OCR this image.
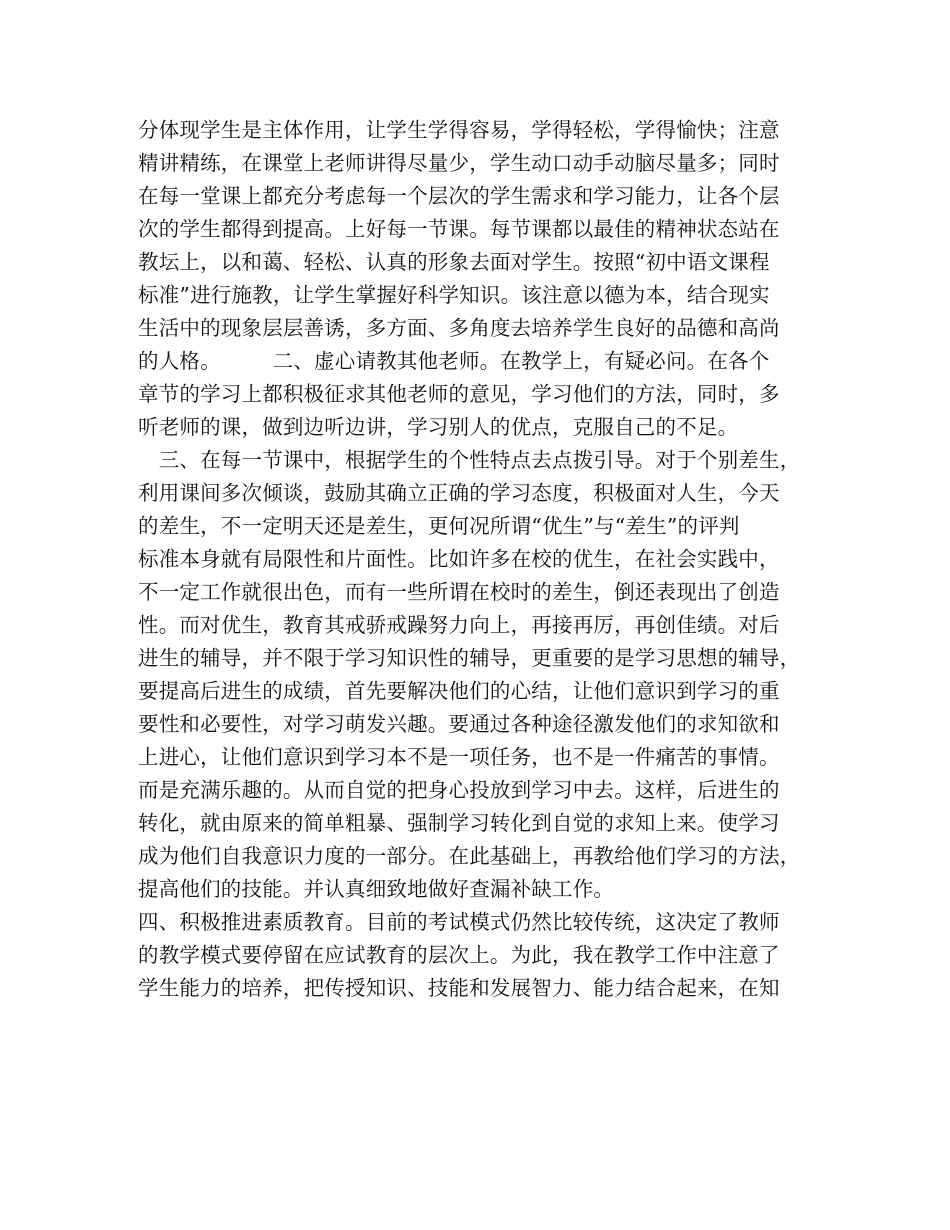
分体现学生是主体作用，让学生学得容易，学得轻松，学得愉快；注意
精讲精练，在课堂上老师讲得尽量少，学生动口动手动脑尽量多；同时
在每一堂课上都充分考虑每一个层次的学生需求和学习能力，让各个层
次的学生都得到提高。上好每一节课。每节课都以最佳的精神状态站在
教坛上，以和蔼、轻松、认真的形象去面对学生。按照“初中语文课程
标准”进行施教，让学生掌握好科学知识。该注意以德为本，结合现实
生活中的现象层层善诱，多方面、多角度去培养学生良好的品德和高尚
的人格。　　　二、虚心请教其他老师。在教学上，有疑必问。在各个
章节的学习上都积极征求其他老师的意见，学习他们的方法，同时，多
听老师的课，做到边听边讲，学习别人的优点，克服自己的不足。
　三、在每一节课中，根据学生的个性特点去点拨引导。对于个别差生，
利用课间多次倾谈，鼓励其确立正确的学习态度，积极面对人生，今天
的差生，不一定明天还是差生，更何况所谓“优生”与“差生”的评判
标准本身就有局限性和片面性。比如许多在校的优生，在社会实践中，
不一定工作就很出色，而有一些所谓在校时的差生，倒还表现出了创造
性。而对优生，教育其戒骄戒躁努力向上，再接再厉，再创佳绩。对后
进生的辅导，并不限于学习知识性的辅导，更重要的是学习思想的辅导，
要提高后进生的成绩，首先要解决他们的心结，让他们意识到学习的重
要性和必要性，对学习萌发兴趣。要通过各种途径激发他们的求知欲和
上进心，让他们意识到学习本不是一项任务，也不是一件痛苦的事情。
而是充满乐趣的。从而自觉的把身心投放到学习中去。这样，后进生的
转化，就由原来的简单粗暴、强制学习转化到自觉的求知上来。使学习
成为他们自我意识力度的一部分。在此基础上，再教给他们学习的方法，
提高他们的技能。并认真细致地做好查漏补缺工作。
四、积极推进素质教育。目前的考试模式仍然比较传统，这决定了教师
的教学模式要停留在应试教育的层次上。为此，我在教学工作中注意了
学生能力的培养，把传授知识、技能和发展智力、能力结合起来，在知
